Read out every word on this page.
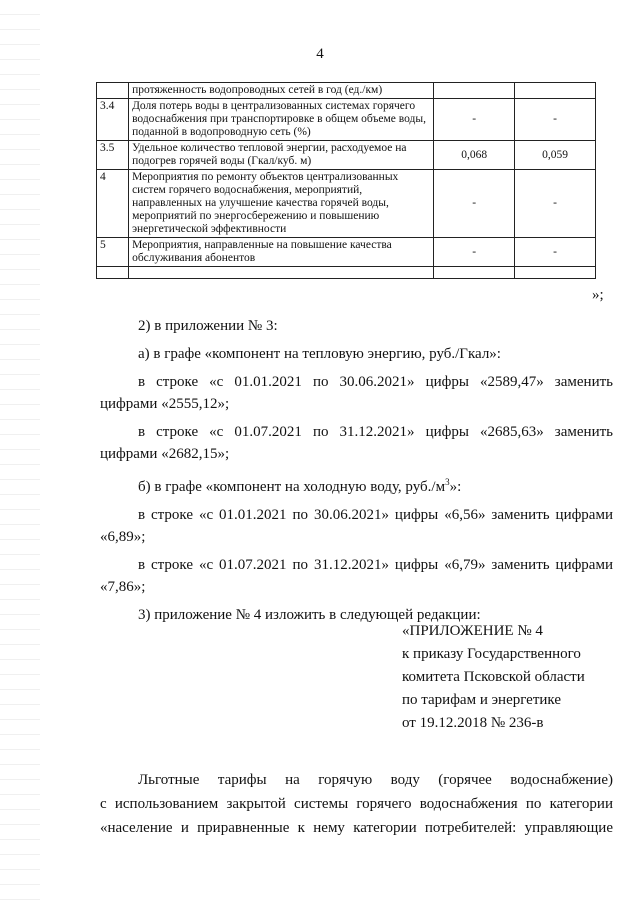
4
	протяженность водопроводных сетей в год (ед./км)		
3.4	Доля потерь воды в централизованных системах горячего водоснабжения при транспортировке в общем объеме воды, поданной в водопроводную сеть (%)	-	-
3.5	Удельное количество тепловой энергии, расходуемое на подогрев горячей воды (Гкал/куб. м)	0,068	0,059
4	Мероприятия по ремонту объектов централизованных систем горячего водоснабжения, мероприятий, направленных на улучшение качества горячей воды, мероприятий по энергосбережению и повышению энергетической эффективности	-	-
5	Мероприятия, направленные на повышение качества обслуживания абонентов	-	-

»;

2) в приложении № 3:

а) в графе «компонент на тепловую энергию, руб./Гкал»:

в строке «с 01.01.2021 по 30.06.2021» цифры «2589,47» заменить

цифрами «2555,12»;

в строке «с 01.07.2021 по 31.12.2021» цифры «2685,63» заменить

цифрами «2682,15»;

б) в графе «компонент на холодную воду, $руб./м^3$»:

в строке «с 01.01.2021 по 30.06.2021» цифры «6,56» заменить цифрами

«6,89»;

в строке «с 01.07.2021 по 31.12.2021» цифры «6,79» заменить цифрами

«7,86»;

3) приложение № 4 изложить в следующей редакции:

«ПРИЛОЖЕНИЕ № 4
к приказу Государственного
комитета Псковской области
по тарифам и энергетике
от 19.12.2018 № 236-в
Льготные тарифы на горячую воду (горячее водоснабжение)
с использованием закрытой системы горячего водоснабжения по категории
«население и приравненные к нему категории потребителей: управляющие
